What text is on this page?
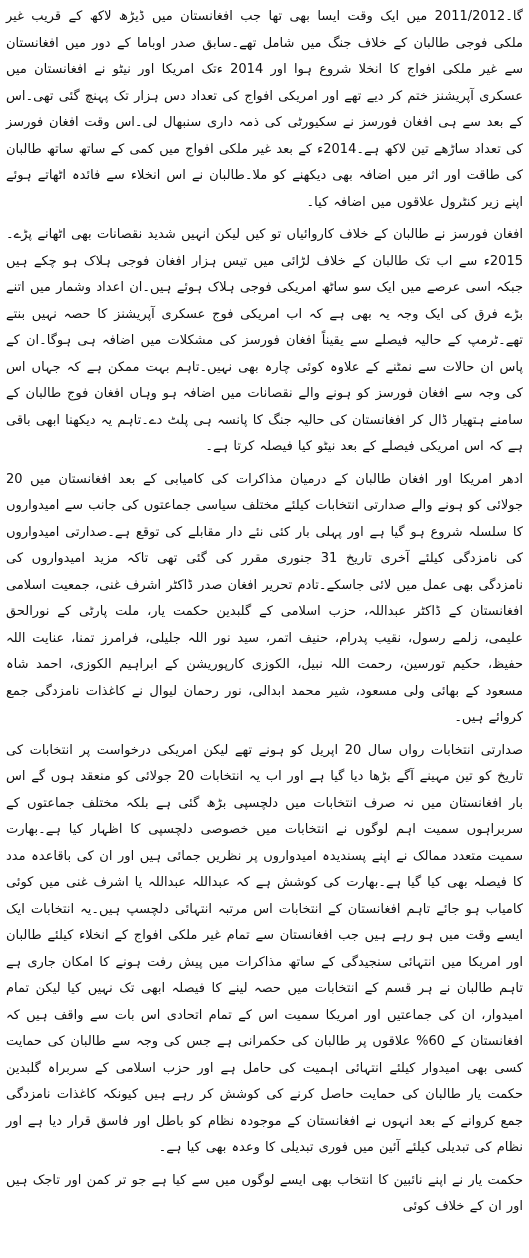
گا۔2011/2012 میں ایک وقت ایسا بھی تھا جب افغانستان میں ڈیڑھ لاکھ کے قریب غیر ملکی فوجی طالبان کے خلاف جنگ میں شامل تھے۔سابق صدر اوباما کے دور میں افغانستان سے غیر ملکی افواج کا انخلا شروع ہوا اور 2014 ءتک امریکا اور نیٹو نے افغانستان میں عسکری آپریشنز ختم کر دیے تھے اور امریکی افواج کی تعداد دس ہزار تک پہنچ گئی تھی۔اس کے بعد سے ہی افغان فورسز نے سکیورٹی کی ذمہ داری سنبھال لی۔اس وقت افغان فورسز کی تعداد ساڑھے تین لاکھ ہے۔2014ء کے بعد غیر ملکی افواج میں کمی کے ساتھ ساتھ طالبان کی طاقت اور اثر میں اضافہ بھی دیکھنے کو ملا۔طالبان نے اس انخلاء سے فائدہ اٹھاتے ہوئے اپنے زیر کنٹرول علاقوں میں اضافہ کیا۔

افغان فورسز نے طالبان کے خلاف کاروائیاں تو کیں لیکن انہیں شدید نقصانات بھی اٹھانے پڑے۔2015ء سے اب تک طالبان کے خلاف لڑائی میں تیس ہزار افغان فوجی ہلاک ہو چکے ہیں جبکہ اسی عرصے میں ایک سو ساٹھ امریکی فوجی ہلاک ہوئے ہیں۔ان اعداد وشمار میں اتنے بڑے فرق کی ایک وجہ یہ بھی ہے کہ اب امریکی فوج عسکری آپریشنز کا حصہ نہیں بنتے تھے۔ٹرمپ کے حالیہ فیصلے سے یقیناً افغان فورسز کی مشکلات میں اضافہ ہی ہوگا۔ان کے پاس ان حالات سے نمٹنے کے علاوہ کوئی چارہ بھی نہیں۔تاہم بہت ممکن ہے کہ جہاں اس کی وجہ سے افغان فورسز کو ہونے والے نقصانات میں اضافہ ہو وہاں افغان فوج طالبان کے سامنے ہتھیار ڈال کر افغانستان کی حالیہ جنگ کا پانسہ ہی پلٹ دے۔تاہم یہ دیکھنا ابھی باقی ہے کہ اس امریکی فیصلے کے بعد نیٹو کیا فیصلہ کرتا ہے۔

ادھر امریکا اور افغان طالبان کے درمیان مذاکرات کی کامیابی کے بعد افغانستان میں 20 جولائی کو ہونے والے صدارتی انتخابات کیلئے مختلف سیاسی جماعتوں کی جانب سے امیدواروں کا سلسلہ شروع ہو گیا ہے اور پہلی بار کئی نئے دار مقابلے کی توقع ہے۔صدارتی امیدواروں کی نامزدگی کیلئے آخری تاریخ 31 جنوری مقرر کی گئی تھی تاکہ مزید امیدواروں کی نامزدگی بھی عمل میں لائی جاسکے۔تادم تحریر افغان صدر ڈاکٹر اشرف غنی، جمعیت اسلامی افغانستان کے ڈاکٹر عبداللہ، حزب اسلامی کے گلبدین حکمت یار، ملت پارٹی کے نورالحق علیمی، زلمے رسول، نقیب پدرام، حنیف اتمر، سید نور اللہ جلیلی، فرامرز تمنا، عنایت اللہ حفیظ، حکیم تورسین، رحمت اللہ نبیل، الکوزی کارپوریشن کے ابراہیم الکوزی، احمد شاہ مسعود کے بھائی ولی مسعود، شیر محمد ابدالی، نور رحمان لیوال نے کاغذات نامزدگی جمع کروائے ہیں۔

صدارتی انتخابات رواں سال 20 اپریل کو ہونے تھے لیکن امریکی درخواست پر انتخابات کی تاریخ کو تین مہینے آگے بڑھا دیا گیا ہے اور اب یہ انتخابات 20 جولائی کو منعقد ہوں گے اس بار افغانستان میں نہ صرف انتخابات میں دلچسپی بڑھ گئی ہے بلکہ مختلف جماعتوں کے سربراہوں سمیت اہم لوگوں نے انتخابات میں خصوصی دلچسپی کا اظہار کیا ہے۔بھارت سمیت متعدد ممالک نے اپنے پسندیدہ امیدواروں پر نظریں جمائی ہیں اور ان کی باقاعدہ مدد کا فیصلہ بھی کیا گیا ہے۔بھارت کی کوشش ہے کہ عبداللہ عبداللہ یا اشرف غنی میں کوئی کامیاب ہو جائے تاہم افغانستان کے انتخابات اس مرتبہ انتہائی دلچسپ ہیں۔یہ انتخابات ایک ایسے وقت میں ہو رہے ہیں جب افغانستان سے تمام غیر ملکی افواج کے انخلاء کیلئے طالبان اور امریکا میں انتہائی سنجیدگی کے ساتھ مذاکرات میں پیش رفت ہونے کا امکان جاری ہے تاہم طالبان نے ہر قسم کے انتخابات میں حصہ لینے کا فیصلہ ابھی تک نہیں کیا لیکن تمام امیدوار، ان کی جماعتیں اور امریکا سمیت اس کے تمام اتحادی اس بات سے واقف ہیں کہ افغانستان کے 60% علاقوں پر طالبان کی حکمرانی ہے جس کی وجہ سے طالبان کی حمایت کسی بھی امیدوار کیلئے انتہائی اہمیت کی حامل ہے اور حزب اسلامی کے سربراہ گلبدین حکمت یار طالبان کی حمایت حاصل کرنے کی کوشش کر رہے ہیں کیونکہ کاغذات نامزدگی جمع کروانے کے بعد انہوں نے افغانستان کے موجودہ نظام کو باطل اور فاسق قرار دیا ہے اور نظام کی تبدیلی کیلئے آئین میں فوری تبدیلی کا وعدہ بھی کیا ہے۔

حکمت یار نے اپنے نائبین کا انتخاب بھی ایسے لوگوں میں سے کیا ہے جو تر کمن اور تاجک ہیں اور ان کے خلاف کوئی
